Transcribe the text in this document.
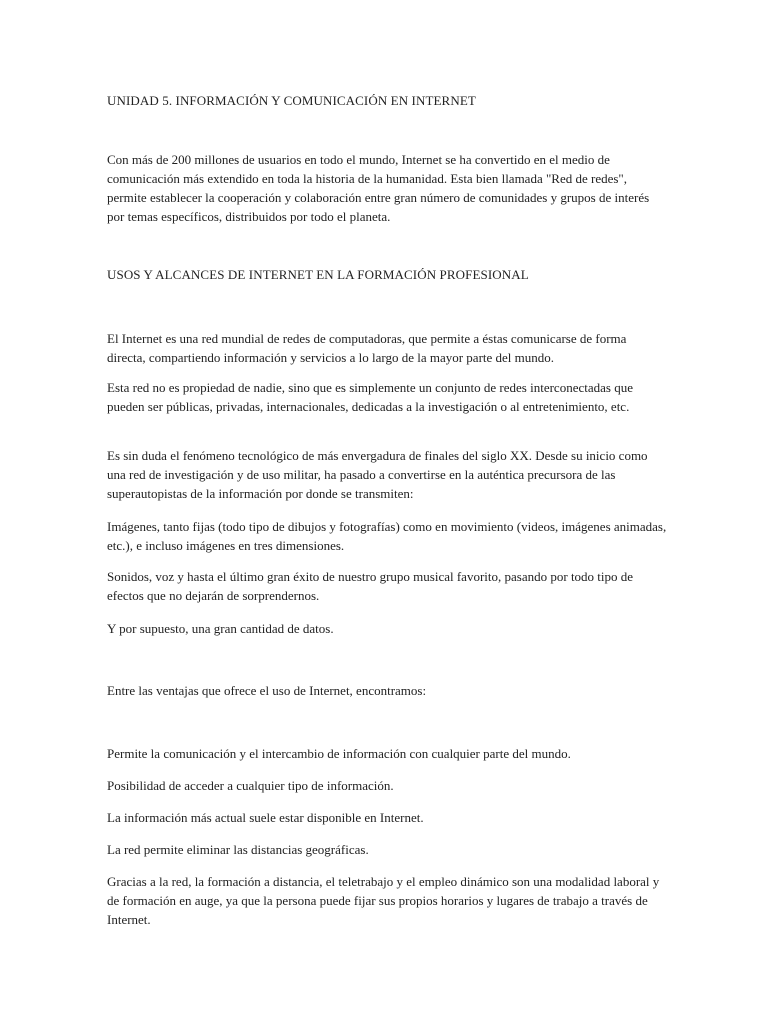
UNIDAD 5. INFORMACIÓN Y COMUNICACIÓN EN INTERNET

Con más de 200 millones de usuarios en todo el mundo, Internet se ha convertido en el medio de comunicación más extendido en toda la historia de la humanidad. Esta bien llamada "Red de redes", permite establecer la cooperación y colaboración entre gran número de comunidades y grupos de interés por temas específicos, distribuidos por todo el planeta.

USOS Y ALCANCES DE INTERNET EN LA FORMACIÓN PROFESIONAL

El Internet es una red mundial de redes de computadoras, que permite a éstas comunicarse de forma directa, compartiendo información y servicios a lo largo de la mayor parte del mundo.

Esta red no es propiedad de nadie, sino que es simplemente un conjunto de redes interconectadas que pueden ser públicas, privadas, internacionales, dedicadas a la investigación o al entretenimiento, etc.

Es sin duda el fenómeno tecnológico de más envergadura de finales del siglo XX. Desde su inicio como una red de investigación y de uso militar, ha pasado a convertirse en la auténtica precursora de las superautopistas de la información por donde se transmiten:

Imágenes, tanto fijas (todo tipo de dibujos y fotografías) como en movimiento (videos, imágenes animadas, etc.), e incluso imágenes en tres dimensiones.

Sonidos, voz y hasta el último gran éxito de nuestro grupo musical favorito, pasando por todo tipo de efectos que no dejarán de sorprendernos.

Y por supuesto, una gran cantidad de datos.

Entre las ventajas que ofrece el uso de Internet, encontramos:

Permite la comunicación y el intercambio de información con cualquier parte del mundo.

Posibilidad de acceder a cualquier tipo de información.

La información más actual suele estar disponible en Internet.

La red permite eliminar las distancias geográficas.

Gracias a la red, la formación a distancia, el teletrabajo y el empleo dinámico son una modalidad laboral y de formación en auge, ya que la persona puede fijar sus propios horarios y lugares de trabajo a través de Internet.
